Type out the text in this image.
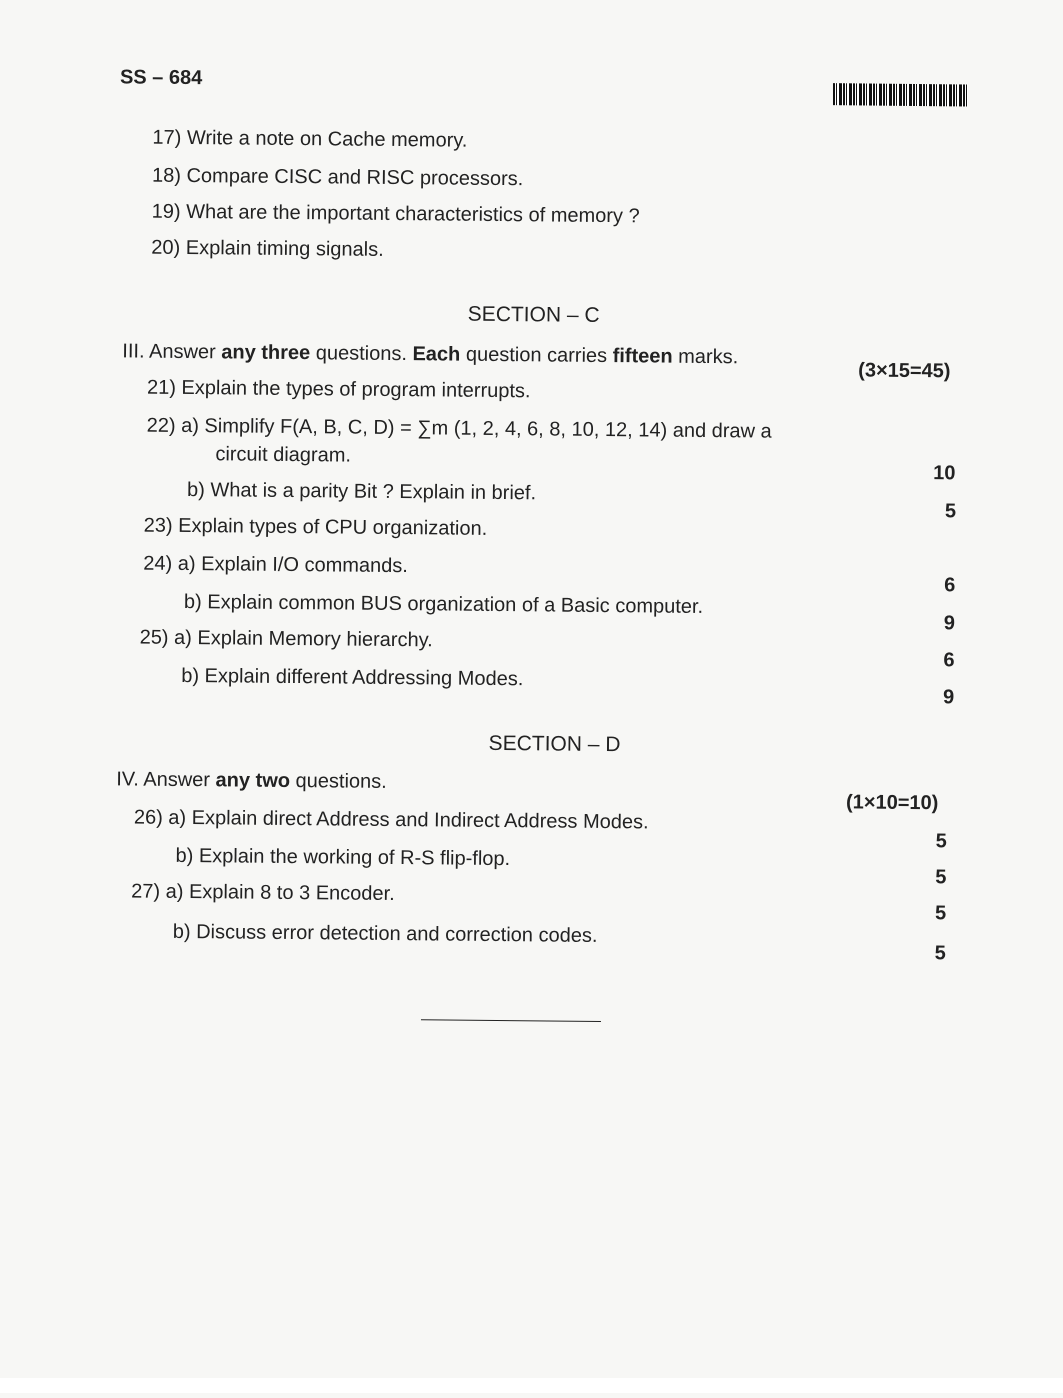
SS – 684
17) Write a note on Cache memory.
18) Compare CISC and RISC processors.
19) What are the important characteristics of memory ?
20) Explain timing signals.
SECTION – C
III. Answer any three questions. Each question carries fifteen marks.
(3×15=45)
21) Explain the types of program interrupts.
22) a) Simplify F(A, B, C, D) = ∑m (1, 2, 4, 6, 8, 10, 12, 14) and draw a
circuit diagram.
10
b) What is a parity Bit ? Explain in brief.
5
23) Explain types of CPU organization.
24) a) Explain I/O commands.
6
b) Explain common BUS organization of a Basic computer.
9
25) a) Explain Memory hierarchy.
6
b) Explain different Addressing Modes.
9
SECTION – D
IV. Answer any two questions.
(1×10=10)
26) a) Explain direct Address and Indirect Address Modes.
5
b) Explain the working of R-S flip-flop.
5
27) a) Explain 8 to 3 Encoder.
5
b) Discuss error detection and correction codes.
5
